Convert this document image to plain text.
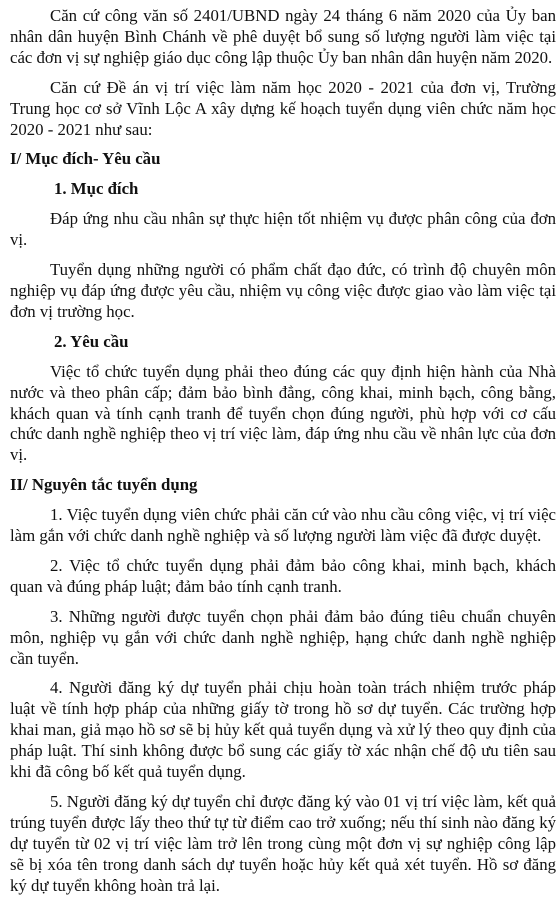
Căn cứ công văn số 2401/UBND ngày 24 tháng 6 năm 2020 của Ủy ban nhân dân huyện Bình Chánh về phê duyệt bổ sung số lượng người làm việc tại các đơn vị sự nghiệp giáo dục công lập thuộc Ủy ban nhân dân huyện năm 2020.

Căn cứ Đề án vị trí việc làm năm học 2020 - 2021 của đơn vị, Trường Trung học cơ sở Vĩnh Lộc A xây dựng kế hoạch tuyển dụng viên chức năm học 2020 - 2021 như sau:

I/ Mục đích- Yêu cầu
1. Mục đích

Đáp ứng nhu cầu nhân sự thực hiện tốt nhiệm vụ được phân công của đơn vị.

Tuyển dụng những người có phẩm chất đạo đức, có trình độ chuyên môn nghiệp vụ đáp ứng được yêu cầu, nhiệm vụ công việc được giao vào làm việc tại đơn vị trường học.

2. Yêu cầu

Việc tổ chức tuyển dụng phải theo đúng các quy định hiện hành của Nhà nước và theo phân cấp; đảm bảo bình đẳng, công khai, minh bạch, công bằng, khách quan và tính cạnh tranh để tuyển chọn đúng người, phù hợp với cơ cấu chức danh nghề nghiệp theo vị trí việc làm, đáp ứng nhu cầu về nhân lực của đơn vị.

II/ Nguyên tắc tuyển dụng

1. Việc tuyển dụng viên chức phải căn cứ vào nhu cầu công việc, vị trí việc làm gắn với chức danh nghề nghiệp và số lượng người làm việc đã được duyệt.

2. Việc tổ chức tuyển dụng phải đảm bảo công khai, minh bạch, khách quan và đúng pháp luật; đảm bảo tính cạnh tranh.

3. Những người được tuyển chọn phải đảm bảo đúng tiêu chuẩn chuyên môn, nghiệp vụ gắn với chức danh nghề nghiệp, hạng chức danh nghề nghiệp cần tuyển.

4. Người đăng ký dự tuyển phải chịu hoàn toàn trách nhiệm trước pháp luật về tính hợp pháp của những giấy tờ trong hồ sơ dự tuyển. Các trường hợp khai man, giả mạo hồ sơ sẽ bị hủy kết quả tuyển dụng và xử lý theo quy định của pháp luật. Thí sinh không được bổ sung các giấy tờ xác nhận chế độ ưu tiên sau khi đã công bố kết quả tuyển dụng.

5. Người đăng ký dự tuyển chỉ được đăng ký vào 01 vị trí việc làm, kết quả trúng tuyển được lấy theo thứ tự từ điểm cao trở xuống; nếu thí sinh nào đăng ký dự tuyển từ 02 vị trí việc làm trở lên trong cùng một đơn vị sự nghiệp công lập sẽ bị xóa tên trong danh sách dự tuyển hoặc hủy kết quả xét tuyển. Hồ sơ đăng ký dự tuyển không hoàn trả lại.
